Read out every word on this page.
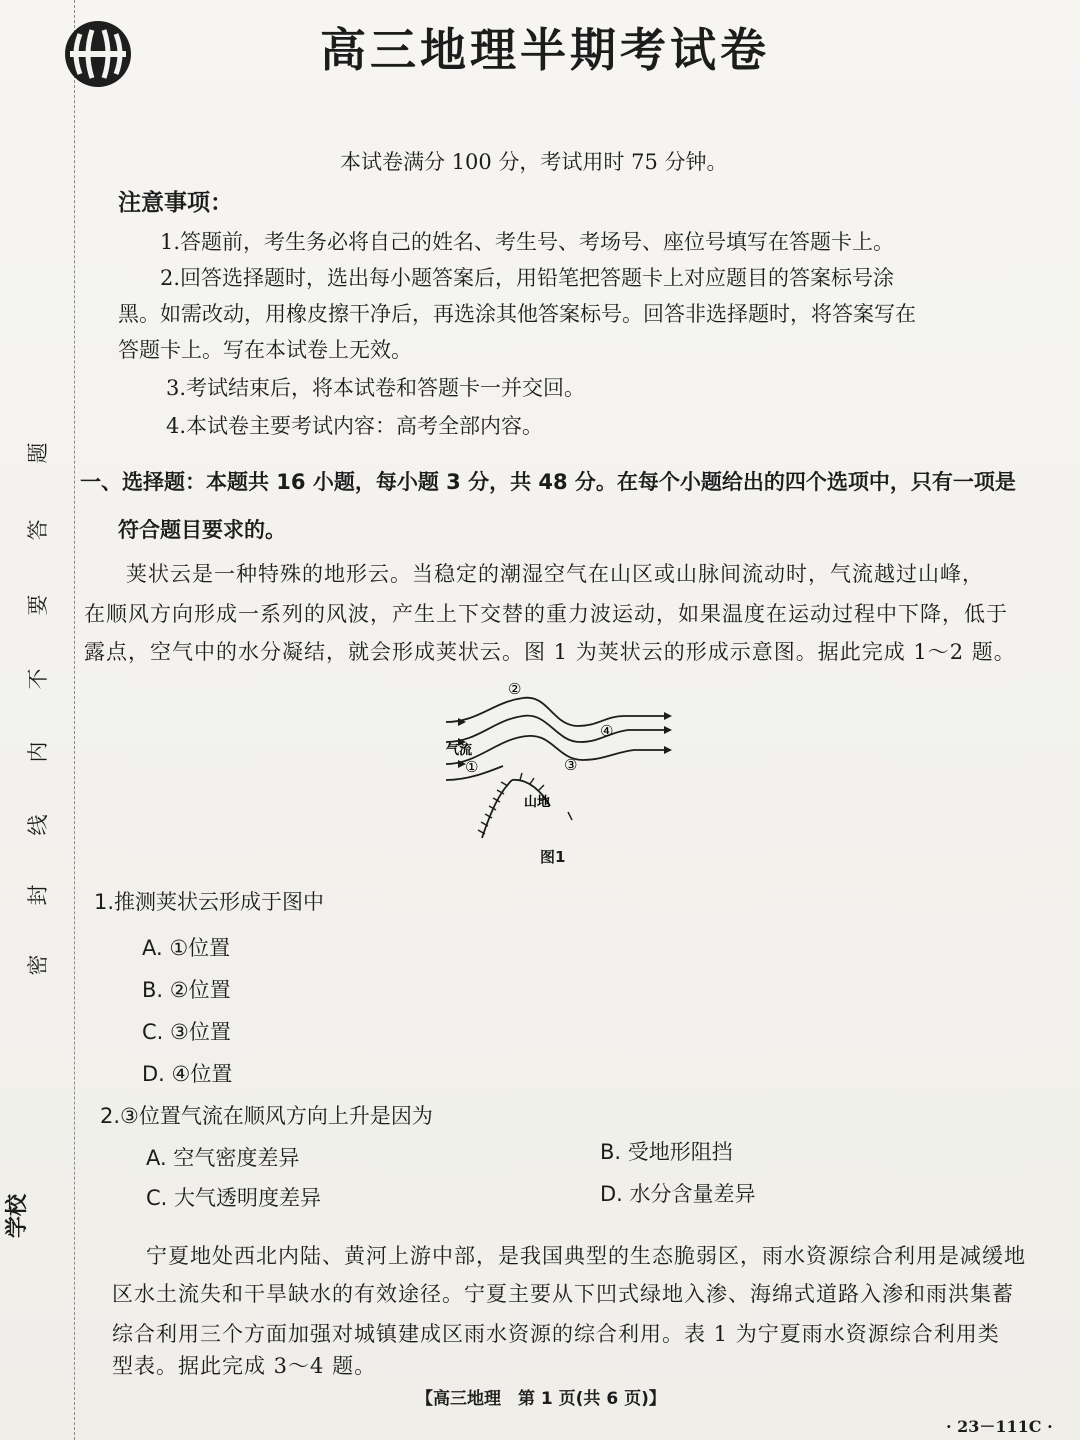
题
答
要
不
内
线
封
密
学校
高三地理半期考试卷
本试卷满分 100 分，考试用时 75 分钟。
注意事项：
1.答题前，考生务必将自己的姓名、考生号、考场号、座位号填写在答题卡上。
2.回答选择题时，选出每小题答案后，用铅笔把答题卡上对应题目的答案标号涂
黑。如需改动，用橡皮擦干净后，再选涂其他答案标号。回答非选择题时，将答案写在
答题卡上。写在本试卷上无效。
3.考试结束后，将本试卷和答题卡一并交回。
4.本试卷主要考试内容：高考全部内容。
一、选择题：本题共 16 小题，每小题 3 分，共 48 分。在每个小题给出的四个选项中，只有一项是
符合题目要求的。
荚状云是一种特殊的地形云。当稳定的潮湿空气在山区或山脉间流动时，气流越过山峰，
在顺风方向形成一系列的风波，产生上下交替的重力波运动，如果温度在运动过程中下降，低于
露点，空气中的水分凝结，就会形成荚状云。图 1 为荚状云的形成示意图。据此完成 1～2 题。
气流
山地
①
②
③
④
图1
1.推测荚状云形成于图中
A. ①位置
B. ②位置
C. ③位置
D. ④位置
2.③位置气流在顺风方向上升是因为
A. 空气密度差异	B. 受地形阻挡
C. 大气透明度差异	D. 水分含量差异
宁夏地处西北内陆、黄河上游中部，是我国典型的生态脆弱区，雨水资源综合利用是减缓地
区水土流失和干旱缺水的有效途径。宁夏主要从下凹式绿地入渗、海绵式道路入渗和雨洪集蓄
综合利用三个方面加强对城镇建成区雨水资源的综合利用。表 1 为宁夏雨水资源综合利用类
型表。据此完成 3～4 题。
【高三地理　第 1 页(共 6 页)】
· 23－111C ·
